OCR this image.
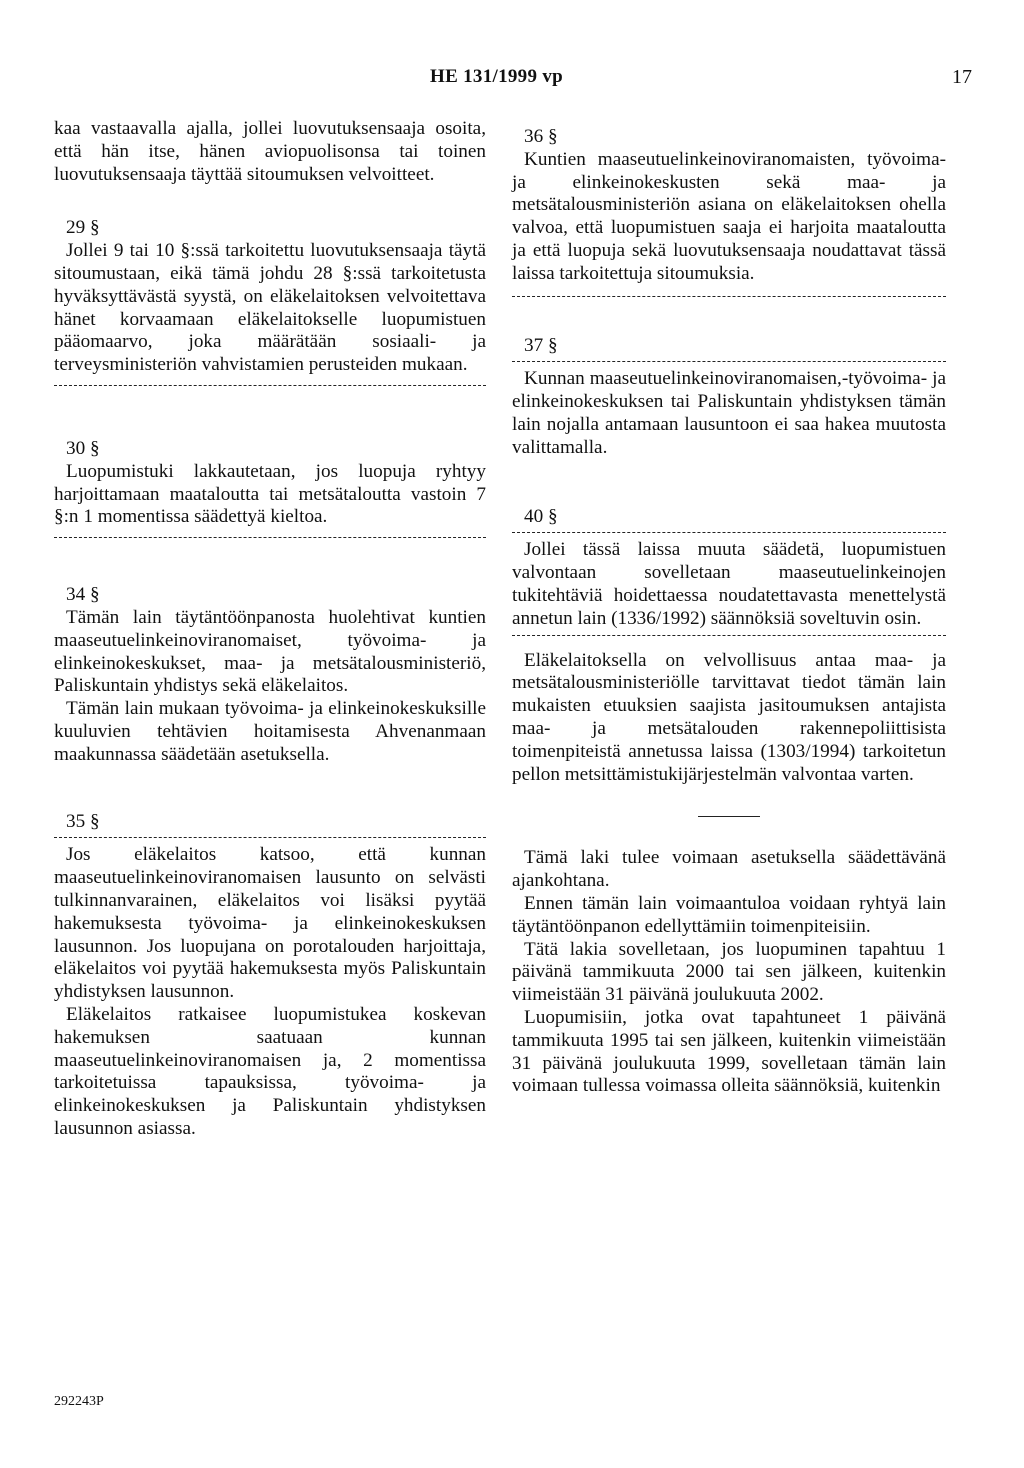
HE 131/1999 vp	17

kaa vastaavalla ajalla, jollei luovutuksensaaja osoita, että hän itse, hänen aviopuolisonsa tai toinen luovutuksensaaja täyttää sitoumuksen velvoitteet.

29 §

Jollei 9 tai 10 §:ssä tarkoitettu luovutuksensaaja täytä sitoumustaan, eikä tämä johdu 28 §:ssä tarkoitetusta hyväksyttävästä syystä, on eläkelaitoksen velvoitettava hänet korvaamaan eläkelaitokselle luopumistuen pääomaarvo, joka määrätään sosiaali- ja terveysministeriön vahvistamien perusteiden mukaan.

30 §

Luopumistuki lakkautetaan, jos luopuja ryhtyy harjoittamaan maataloutta tai metsätaloutta vastoin 7 §:n 1 momentissa säädettyä kieltoa.

34 §

Tämän lain täytäntöönpanosta huolehtivat kuntien maaseutuelinkeinoviranomaiset, työvoima- ja elinkeinokeskukset, maa- ja metsätalousministeriö, Paliskuntain yhdistys sekä eläkelaitos.

Tämän lain mukaan työvoima- ja elinkeinokeskuksille kuuluvien tehtävien hoitamisesta Ahvenanmaan maakunnassa säädetään asetuksella.

35 §

Jos eläkelaitos katsoo, että kunnan maaseutuelinkeinoviranomaisen lausunto on selvästi tulkinnanvarainen, eläkelaitos voi lisäksi pyytää hakemuksesta työvoima- ja elinkeinokeskuksen lausunnon. Jos luopujana on porotalouden harjoittaja, eläkelaitos voi pyytää hakemuksesta myös Paliskuntain yhdistyksen lausunnon.

Eläkelaitos ratkaisee luopumistukea koskevan hakemuksen saatuaan kunnan maaseutuelinkeinoviranomaisen ja, 2 momentissa tarkoitetuissa tapauksissa, työvoima- ja elinkeinokeskuksen ja Paliskuntain yhdistyksen lausunnon asiassa.

36 §

Kuntien maaseutuelinkeinoviranomaisten, työvoima- ja elinkeinokeskusten sekä maa- ja metsätalousministeriön asiana on eläkelaitoksen ohella valvoa, että luopumistuen saaja ei harjoita maataloutta ja että luopuja sekä luovutuksensaaja noudattavat tässä laissa tarkoitettuja sitoumuksia.

37 §

Kunnan maaseutuelinkeinoviranomaisen,-työvoima- ja elinkeinokeskuksen tai Paliskuntain yhdistyksen tämän lain nojalla antamaan lausuntoon ei saa hakea muutosta valittamalla.

40 §

Jollei tässä laissa muuta säädetä, luopumistuen valvontaan sovelletaan maaseutuelinkeinojen tukitehtäviä hoidettaessa noudatettavasta menettelystä annetun lain (1336/1992) säännöksiä soveltuvin osin.

Eläkelaitoksella on velvollisuus antaa maa- ja metsätalousministeriölle tarvittavat tiedot tämän lain mukaisten etuuksien saajista jasitoumuksen antajista maa- ja metsätalouden rakennepoliittisista toimenpiteistä annetussa laissa (1303/1994) tarkoitetun pellon metsittämistukijärjestelmän valvontaa varten.

Tämä laki tulee voimaan asetuksella säädettävänä ajankohtana.

Ennen tämän lain voimaantuloa voidaan ryhtyä lain täytäntöönpanon edellyttämiin toimenpiteisiin.

Tätä lakia sovelletaan, jos luopuminen tapahtuu 1 päivänä tammikuuta 2000 tai sen jälkeen, kuitenkin viimeistään 31 päivänä joulukuuta 2002.

Luopumisiin, jotka ovat tapahtuneet 1 päivänä tammikuuta 1995 tai sen jälkeen, kuitenkin viimeistään 31 päivänä joulukuuta 1999, sovelletaan tämän lain voimaan tullessa voimassa olleita säännöksiä, kuitenkin

292243P
